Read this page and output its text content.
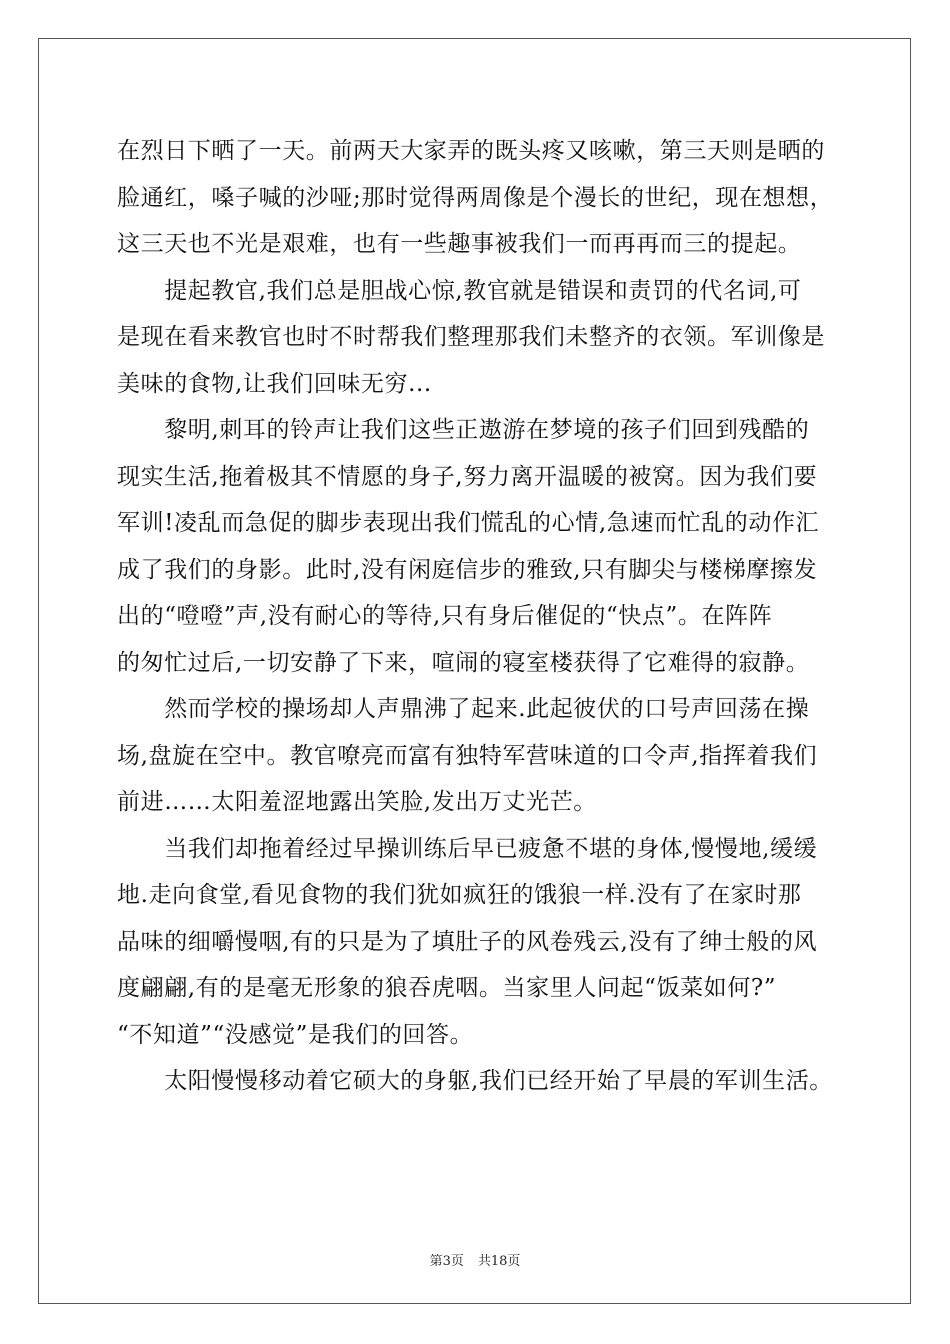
在烈日下晒了一天。前两天大家弄的既头疼又咳嗽，第三天则是晒的
脸通红，嗓子喊的沙哑;那时觉得两周像是个漫长的世纪，现在想想，
这三天也不光是艰难，也有一些趣事被我们一而再再而三的提起。
　　提起教官,我们总是胆战心惊,教官就是错误和责罚的代名词,可
是现在看来教官也时不时帮我们整理那我们未整齐的衣领。军训像是
美味的食物,让我们回味无穷...
　　黎明,刺耳的铃声让我们这些正遨游在梦境的孩子们回到残酷的
现实生活,拖着极其不情愿的身子,努力离开温暖的被窝。因为我们要
军训!凌乱而急促的脚步表现出我们慌乱的心情,急速而忙乱的动作汇
成了我们的身影。此时,没有闲庭信步的雅致,只有脚尖与楼梯摩擦发
出的“噔噔”声,没有耐心的等待,只有身后催促的“快点”。在阵阵
的匆忙过后,一切安静了下来，喧闹的寝室楼获得了它难得的寂静。
　　然而学校的操场却人声鼎沸了起来.此起彼伏的口号声回荡在操
场,盘旋在空中。教官嘹亮而富有独特军营味道的口令声,指挥着我们
前进……太阳羞涩地露出笑脸,发出万丈光芒。
　　当我们却拖着经过早操训练后早已疲惫不堪的身体,慢慢地,缓缓
地.走向食堂,看见食物的我们犹如疯狂的饿狼一样.没有了在家时那
品味的细嚼慢咽,有的只是为了填肚子的风卷残云,没有了绅士般的风
度翩翩,有的是毫无形象的狼吞虎咽。当家里人问起“饭菜如何?”
“不知道”“没感觉”是我们的回答。
　　太阳慢慢移动着它硕大的身躯,我们已经开始了早晨的军训生活。
第3页 共18页
